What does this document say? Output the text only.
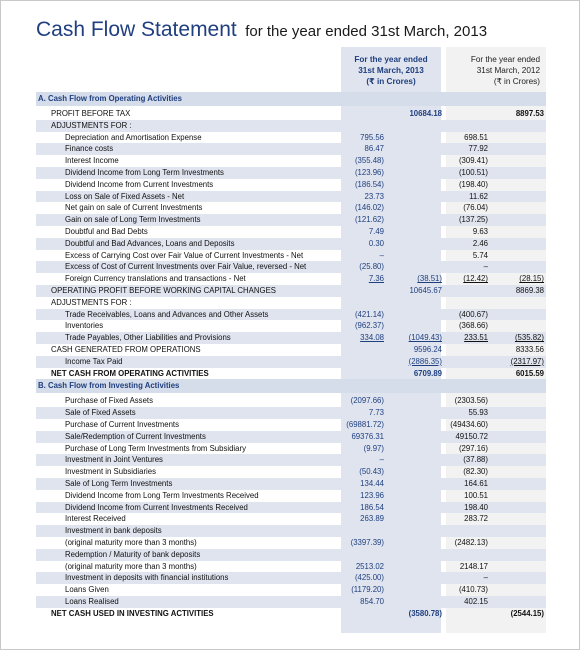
Cash Flow Statement for the year ended 31st March, 2013
For the year ended
31st March, 2013
(₹ in Crores)
For the year ended
31st March, 2012
(₹ in Crores)
A. Cash Flow from Operating Activities
PROFIT BEFORE TAX	10684.18	8897.53
ADJUSTMENTS FOR :
Depreciation and Amortisation Expense	795.56	698.51
Finance costs	86.47	77.92
Interest Income	(355.48)	(309.41)
Dividend Income from Long Term Investments	(123.96)	(100.51)
Dividend Income from Current Investments	(186.54)	(198.40)
Loss on Sale of Fixed Assets - Net	23.73	11.62
Net gain on sale of Current Investments	(146.02)	(76.04)
Gain on sale of Long Term Investments	(121.62)	(137.25)
Doubtful and Bad Debts	7.49	9.63
Doubtful and Bad Advances, Loans and Deposits	0.30	2.46
Excess of Carrying Cost over Fair Value of Current Investments - Net	–	5.74
Excess of Cost of Current Investments over Fair Value, reversed - Net	(25.80)	–
Foreign Currency translations and transactions - Net	7.36	(38.51)	(12.42)	(28.15)
OPERATING PROFIT BEFORE WORKING CAPITAL CHANGES	10645.67	8869.38
ADJUSTMENTS FOR :
Trade Receivables, Loans and Advances and Other Assets	(421.14)	(400.67)
Inventories	(962.37)	(368.66)
Trade Payables, Other Liabilities and Provisions	334.08	(1049.43)	233.51	(535.82)
CASH GENERATED FROM OPERATIONS	9596.24	8333.56
Income Tax Paid	(2886.35)	(2317.97)
NET CASH FROM OPERATING ACTIVITIES	6709.89	6015.59
B. Cash Flow from Investing Activities
Purchase of Fixed Assets	(2097.66)	(2303.56)
Sale of Fixed Assets	7.73	55.93
Purchase of Current Investments	(69881.72)	(49434.60)
Sale/Redemption of Current Investments	69376.31	49150.72
Purchase of Long Term Investments from Subsidiary	(9.97)	(297.16)
Investment in Joint Ventures	–	(37.88)
Investment in Subsidiaries	(50.43)	(82.30)
Sale of Long Term Investments	134.44	164.61
Dividend Income from Long Term Investments Received	123.96	100.51
Dividend Income from Current Investments Received	186.54	198.40
Interest Received	263.89	283.72
Investment in bank deposits
(original maturity more than 3 months)	(3397.39)	(2482.13)
Redemption / Maturity of bank deposits
(original maturity more than 3 months)	2513.02	2148.17
Investment in deposits with financial institutions	(425.00)	–
Loans Given	(1179.20)	(410.73)
Loans Realised	854.70	402.15
NET CASH USED IN INVESTING ACTIVITIES	(3580.78)	(2544.15)
